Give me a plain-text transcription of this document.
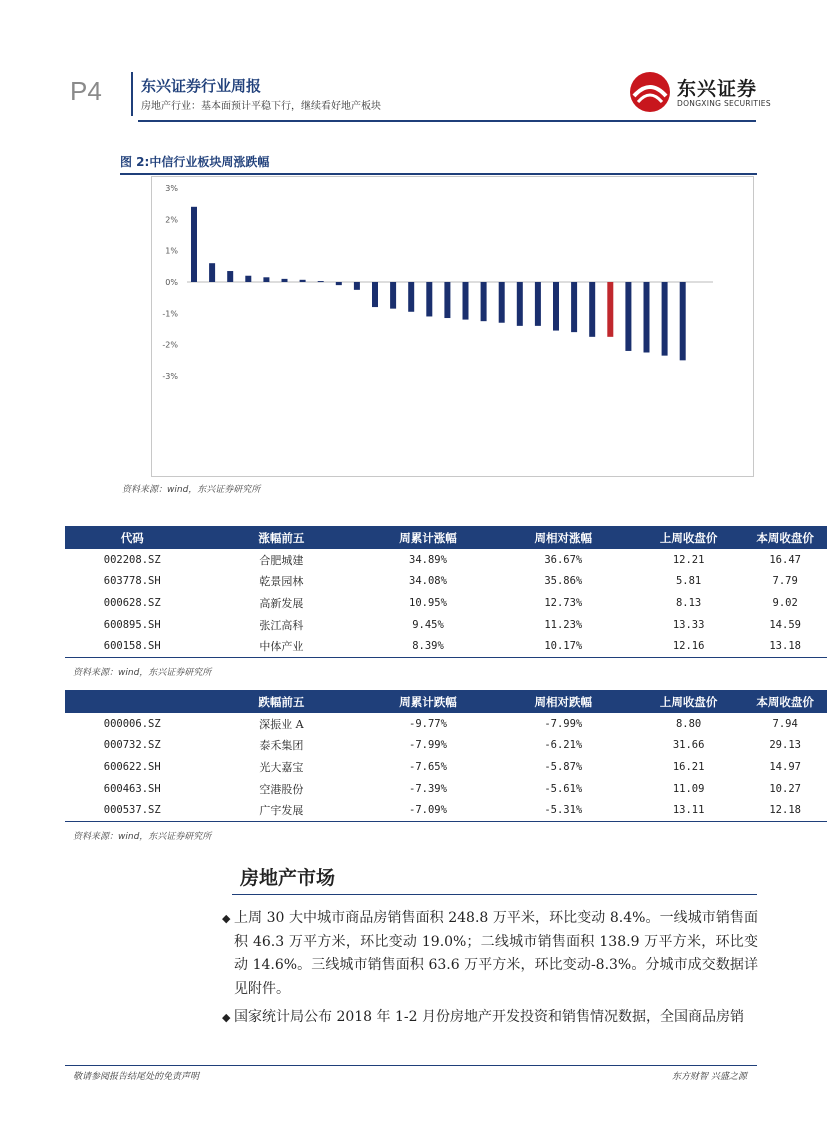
P4	东兴证券行业周报
房地产行业：基本面预计平稳下行，继续看好地产板块
东兴证券
DONGXING SECURITIES
图 2:中信行业板块周涨跌幅
3%
2%
1%
0%
-1%
-2%
-3%
资料来源：wind，东兴证券研究所
代码	涨幅前五	周累计涨幅	周相对涨幅	上周收盘价	本周收盘价
002208.SZ	合肥城建	34.89%	36.67%	12.21	16.47
603778.SH	乾景园林	34.08%	35.86%	5.81	7.79
000628.SZ	高新发展	10.95%	12.73%	8.13	9.02
600895.SH	张江高科	9.45%	11.23%	13.33	14.59
600158.SH	中体产业	8.39%	10.17%	12.16	13.18
资料来源：wind，东兴证券研究所
	跌幅前五	周累计跌幅	周相对跌幅	上周收盘价	本周收盘价
000006.SZ	深振业 A	-9.77%	-7.99%	8.80	7.94
000732.SZ	泰禾集团	-7.99%	-6.21%	31.66	29.13
600622.SH	光大嘉宝	-7.65%	-5.87%	16.21	14.97
600463.SH	空港股份	-7.39%	-5.61%	11.09	10.27
000537.SZ	广宇发展	-7.09%	-5.31%	13.11	12.18
资料来源：wind，东兴证券研究所
房地产市场
◆ 上周 30 大中城市商品房销售面积 248.8 万平米，环比变动 8.4%。一线城市销售面积 46.3 万平方米，环比变动 19.0%；二线城市销售面积 138.9 万平方米，环比变动 14.6%。三线城市销售面积 63.6 万平方米，环比变动-8.3%。分城市成交数据详见附件。
◆ 国家统计局公布 2018 年 1-2 月份房地产开发投资和销售情况数据，全国商品房销
敬请参阅报告结尾处的免责声明	东方财智 兴盛之源
